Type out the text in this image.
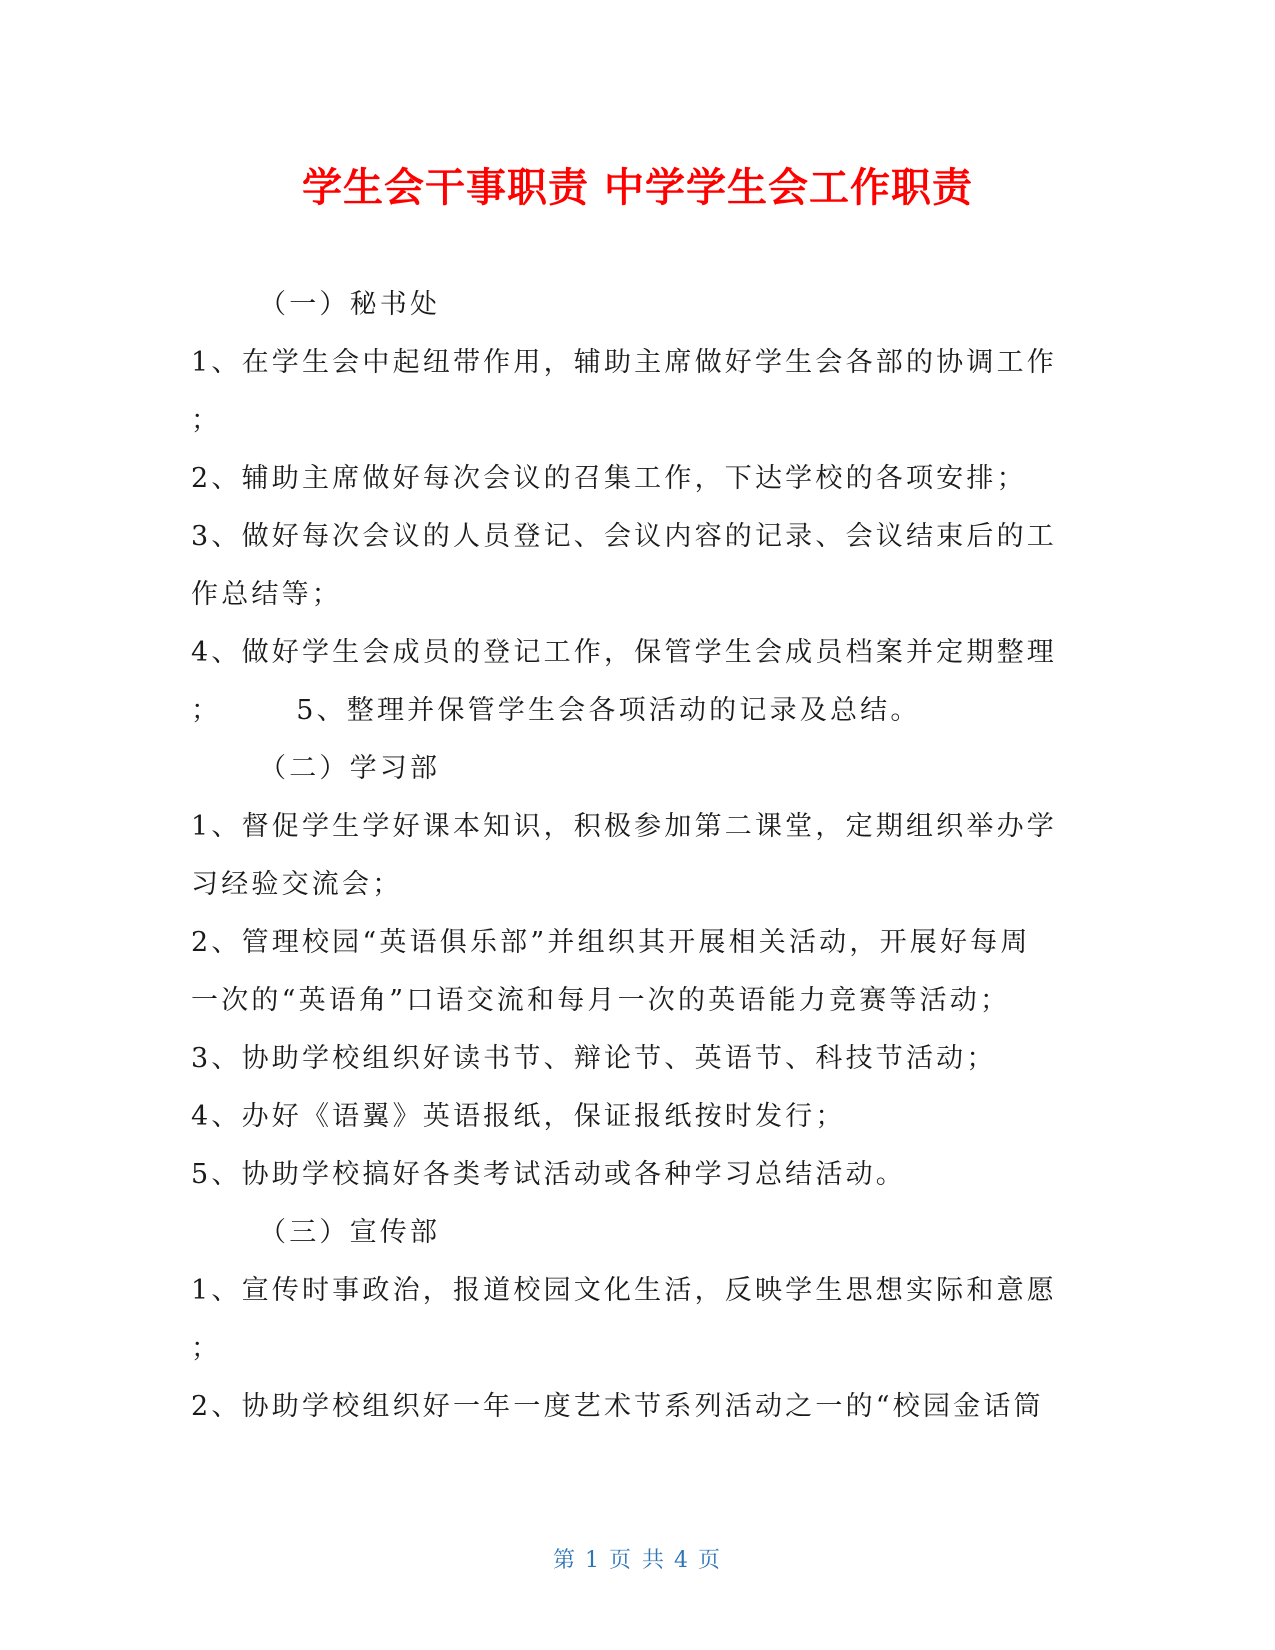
学生会干事职责 中学学生会工作职责
（一）秘书处
1、在学生会中起纽带作用，辅助主席做好学生会各部的协调工作
；
2、辅助主席做好每次会议的召集工作，下达学校的各项安排；
3、做好每次会议的人员登记、会议内容的记录、会议结束后的工
作总结等；
4、做好学生会成员的登记工作，保管学生会成员档案并定期整理
；	5、整理并保管学生会各项活动的记录及总结。
（二）学习部
1、督促学生学好课本知识，积极参加第二课堂，定期组织举办学
习经验交流会；
2、管理校园“英语俱乐部”并组织其开展相关活动，开展好每周
一次的“英语角”口语交流和每月一次的英语能力竞赛等活动；
3、协助学校组织好读书节、辩论节、英语节、科技节活动；
4、办好《语翼》英语报纸，保证报纸按时发行；
5、协助学校搞好各类考试活动或各种学习总结活动。
（三）宣传部
1、宣传时事政治，报道校园文化生活，反映学生思想实际和意愿
；
2、协助学校组织好一年一度艺术节系列活动之一的“校园金话筒
第 1 页 共 4 页
